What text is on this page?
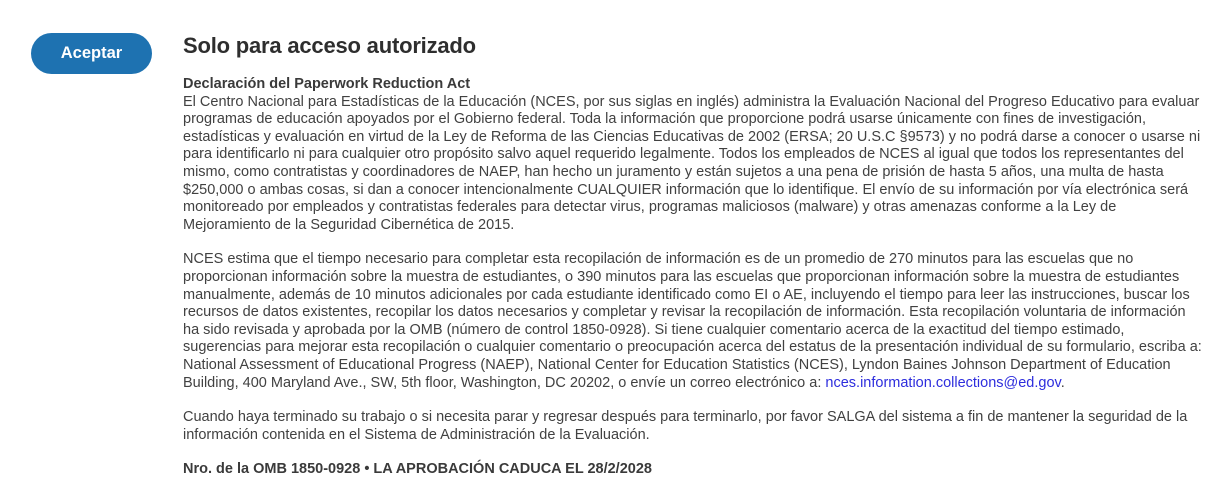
Aceptar	Solo para acceso autorizado
Declaración del Paperwork Reduction Act

El Centro Nacional para Estadísticas de la Educación (NCES, por sus siglas en inglés) administra la Evaluación Nacional del Progreso Educativo para evaluar programas de educación apoyados por el Gobierno federal. Toda la información que proporcione podrá usarse únicamente con fines de investigación, estadísticas y evaluación en virtud de la Ley de Reforma de las Ciencias Educativas de 2002 (ERSA; 20 U.S.C §9573) y no podrá darse a conocer o usarse ni para identificarlo ni para cualquier otro propósito salvo aquel requerido legalmente. Todos los empleados de NCES al igual que todos los representantes del mismo, como contratistas y coordinadores de NAEP, han hecho un juramento y están sujetos a una pena de prisión de hasta 5 años, una multa de hasta $250,000 o ambas cosas, si dan a conocer intencionalmente CUALQUIER información que lo identifique. El envío de su información por vía electrónica será monitoreado por empleados y contratistas federales para detectar virus, programas maliciosos (malware) y otras amenazas conforme a la Ley de Mejoramiento de la Seguridad Cibernética de 2015.

NCES estima que el tiempo necesario para completar esta recopilación de información es de un promedio de 270 minutos para las escuelas que no proporcionan información sobre la muestra de estudiantes, o 390 minutos para las escuelas que proporcionan información sobre la muestra de estudiantes manualmente, además de 10 minutos adicionales por cada estudiante identificado como EI o AE, incluyendo el tiempo para leer las instrucciones, buscar los recursos de datos existentes, recopilar los datos necesarios y completar y revisar la recopilación de información. Esta recopilación voluntaria de información ha sido revisada y aprobada por la OMB (número de control 1850-0928). Si tiene cualquier comentario acerca de la exactitud del tiempo estimado, sugerencias para mejorar esta recopilación o cualquier comentario o preocupación acerca del estatus de la presentación individual de su formulario, escriba a: National Assessment of Educational Progress (NAEP), National Center for Education Statistics (NCES), Lyndon Baines Johnson Department of Education Building, 400 Maryland Ave., SW, 5th floor, Washington, DC 20202, o envíe un correo electrónico a: nces.information.collections@ed.gov.

Cuando haya terminado su trabajo o si necesita parar y regresar después para terminarlo, por favor SALGA del sistema a fin de mantener la seguridad de la información contenida en el Sistema de Administración de la Evaluación.

Nro. de la OMB 1850-0928 • LA APROBACIÓN CADUCA EL 28/2/2028
